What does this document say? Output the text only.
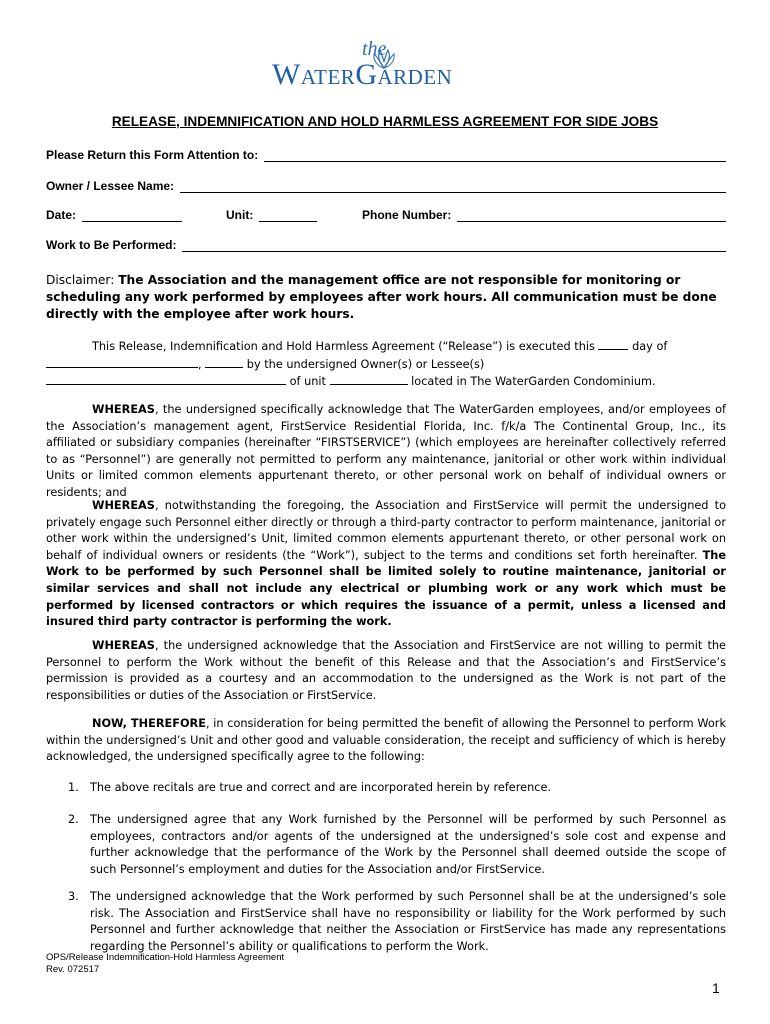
the
WaterGarden
RELEASE, INDEMNIFICATION AND HOLD HARMLESS AGREEMENT FOR SIDE JOBS
Please Return this Form Attention to:
Owner / Lessee Name:
Date:	Unit:	Phone Number:
Work to Be Performed:
Disclaimer: The Association and the management office are not responsible for monitoring or scheduling any work performed by employees after work hours. All communication must be done directly with the employee after work hours.
This Release, Indemnification and Hold Harmless Agreement (“Release”) is executed this	day of
,	by the undersigned Owner(s) or Lessee(s)
of unit	located in The WaterGarden Condominium.
WHEREAS, the undersigned specifically acknowledge that The WaterGarden employees, and/or employees of the Association’s management agent, FirstService Residential Florida, Inc. f/k/a The Continental Group, Inc., its affiliated or subsidiary companies (hereinafter “FIRSTSERVICE”) (which employees are hereinafter collectively referred to as “Personnel”) are generally not permitted to perform any maintenance, janitorial or other work within individual Units or limited common elements appurtenant thereto, or other personal work on behalf of individual owners or residents; and
WHEREAS, notwithstanding the foregoing, the Association and FirstService will permit the undersigned to privately engage such Personnel either directly or through a third-party contractor to perform maintenance, janitorial or other work within the undersigned’s Unit, limited common elements appurtenant thereto, or other personal work on behalf of individual owners or residents (the “Work”), subject to the terms and conditions set forth hereinafter. The Work to be performed by such Personnel shall be limited solely to routine maintenance, janitorial or similar services and shall not include any electrical or plumbing work or any work which must be performed by licensed contractors or which requires the issuance of a permit, unless a licensed and insured third party contractor is performing the work.
WHEREAS, the undersigned acknowledge that the Association and FirstService are not willing to permit the Personnel to perform the Work without the benefit of this Release and that the Association’s and FirstService’s permission is provided as a courtesy and an accommodation to the undersigned as the Work is not part of the responsibilities or duties of the Association or FirstService.
NOW, THEREFORE, in consideration for being permitted the benefit of allowing the Personnel to perform Work within the undersigned’s Unit and other good and valuable consideration, the receipt and sufficiency of which is hereby acknowledged, the undersigned specifically agree to the following:
1. The above recitals are true and correct and are incorporated herein by reference.
2. The undersigned agree that any Work furnished by the Personnel will be performed by such Personnel as employees, contractors and/or agents of the undersigned at the undersigned’s sole cost and expense and further acknowledge that the performance of the Work by the Personnel shall deemed outside the scope of such Personnel’s employment and duties for the Association and/or FirstService.
3. The undersigned acknowledge that the Work performed by such Personnel shall be at the undersigned’s sole risk. The Association and FirstService shall have no responsibility or liability for the Work performed by such Personnel and further acknowledge that neither the Association or FirstService has made any representations regarding the Personnel’s ability or qualifications to perform the Work.
OPS/Release Indemnification-Hold Harmless Agreement
Rev. 072517
1
